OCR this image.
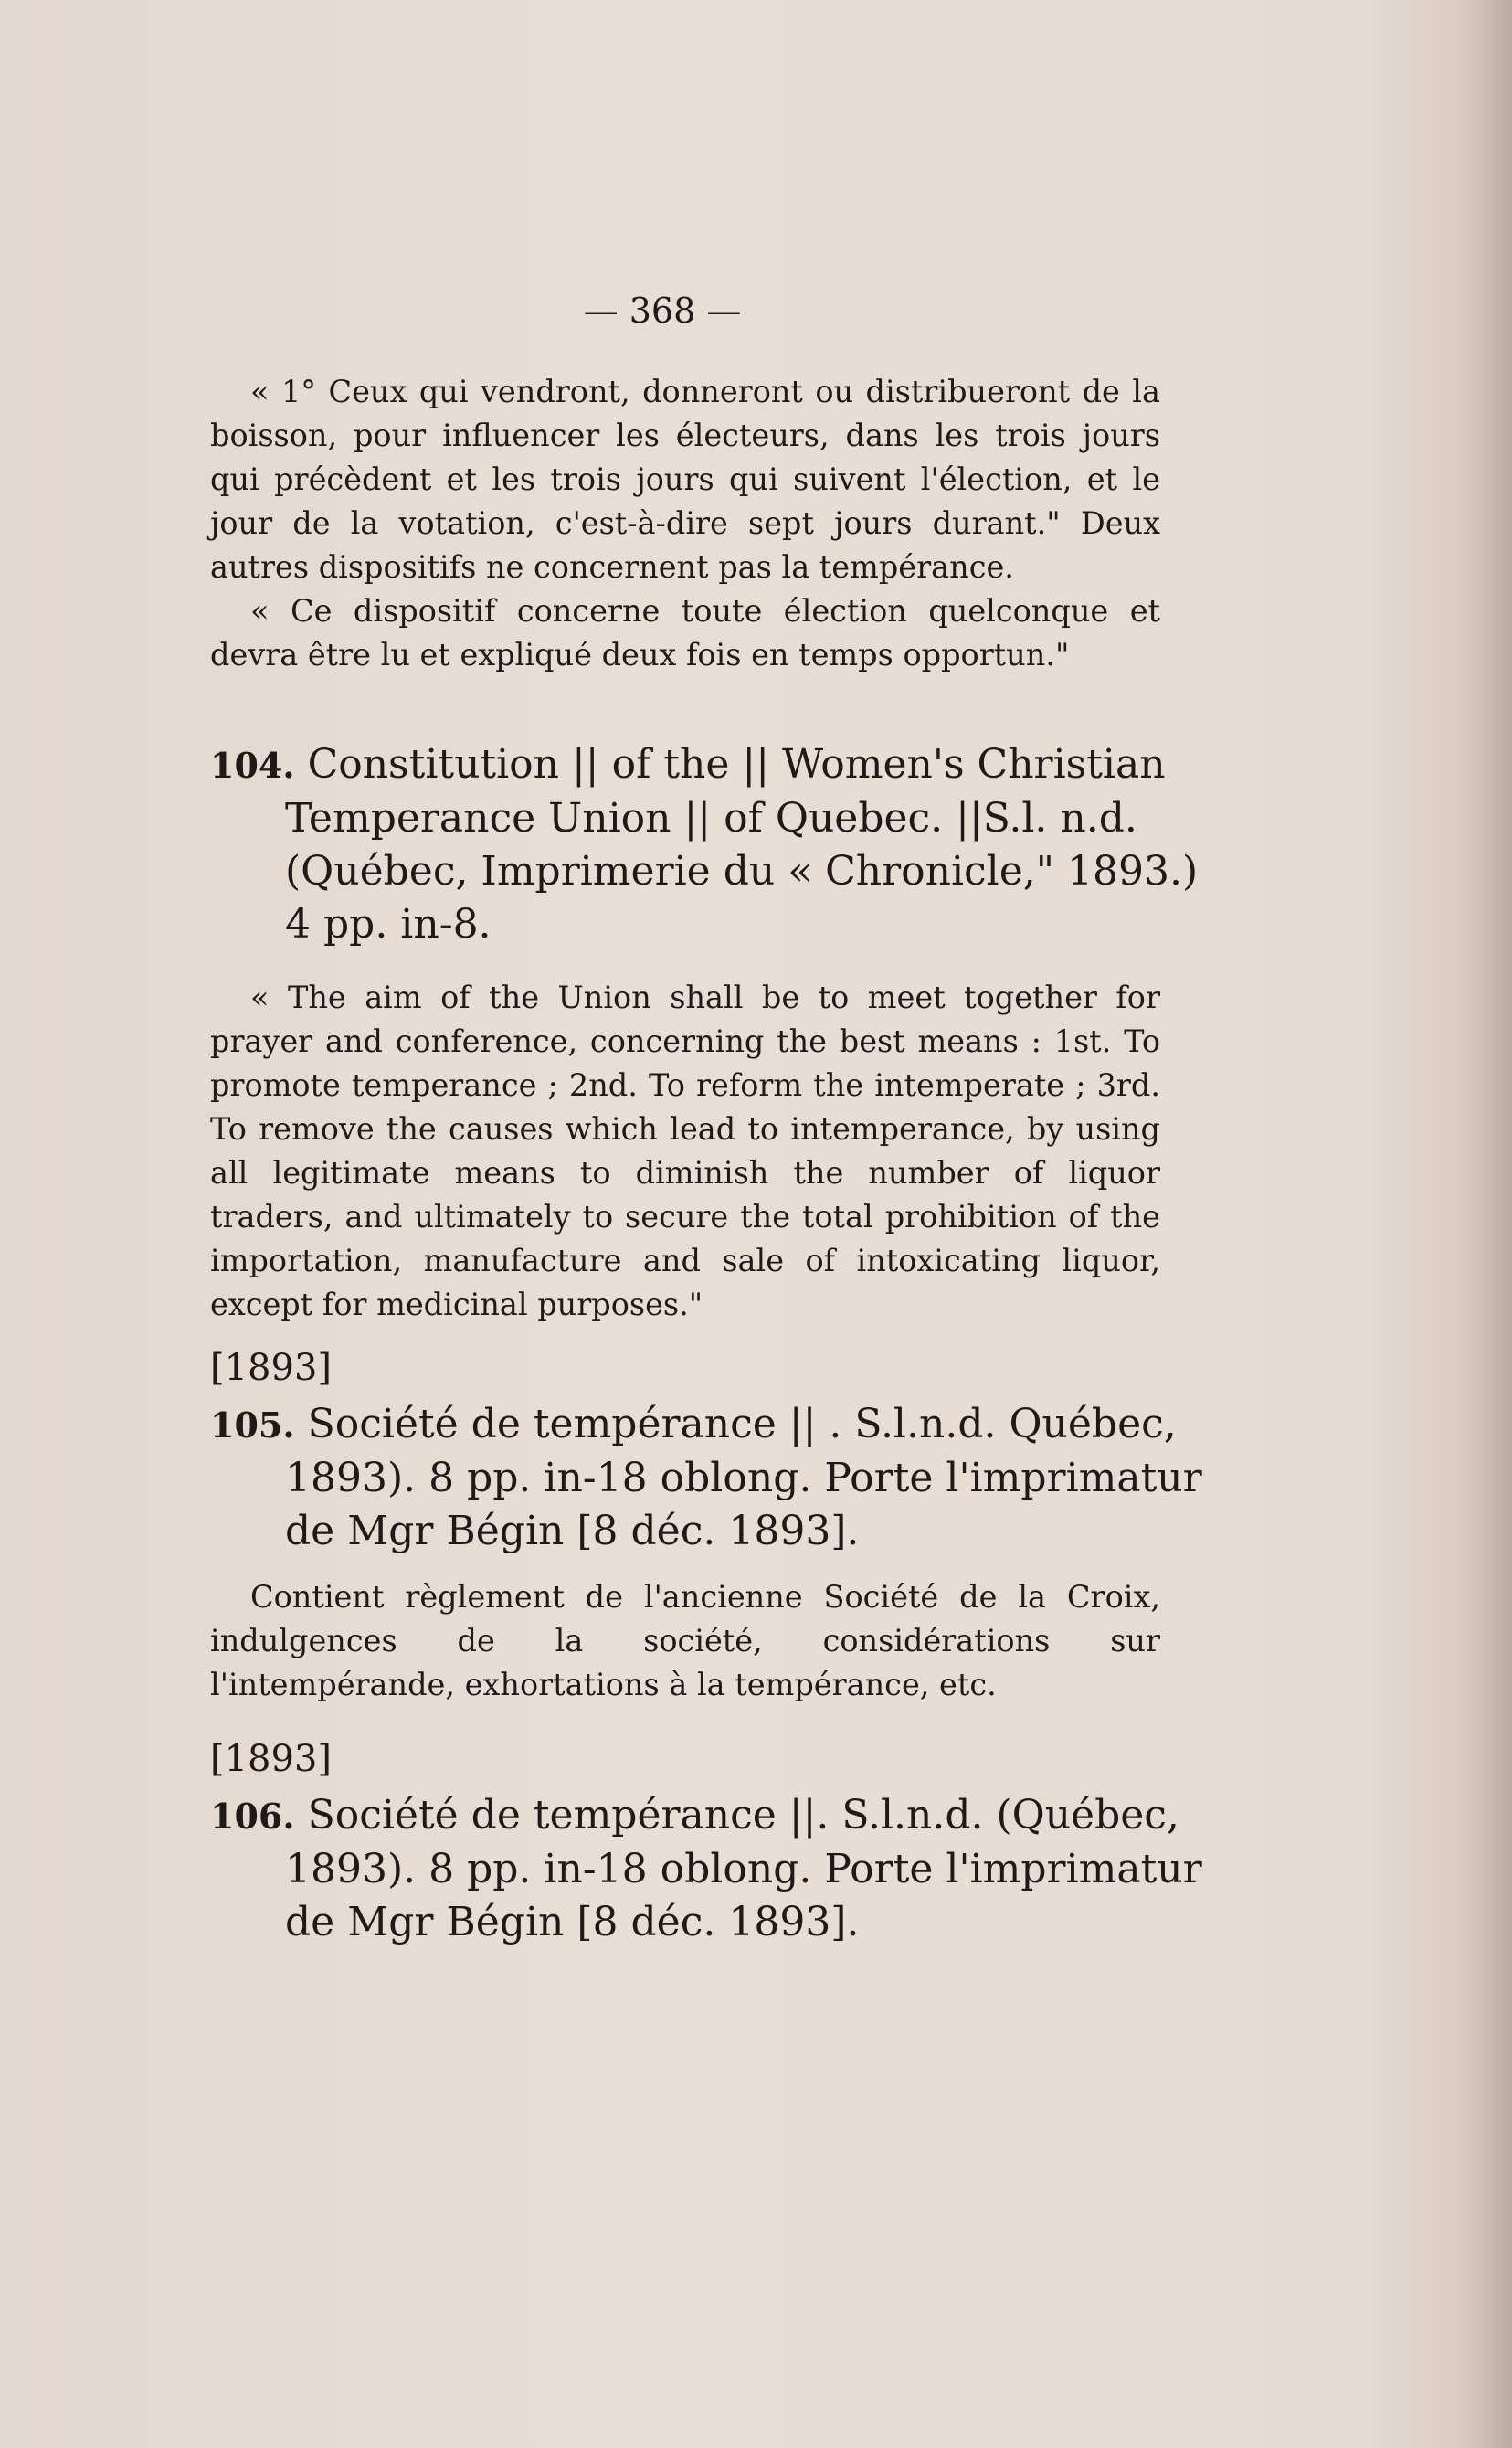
— 368 —

« 1° Ceux qui vendront, donneront ou distribueront de la boisson, pour influencer les électeurs, dans les trois jours qui précèdent et les trois jours qui suivent l'élection, et le jour de la votation, c'est-à-dire sept jours durant." Deux autres dispositifs ne concernent pas la tempérance.

« Ce dispositif concerne toute élection quelconque et devra être lu et expliqué deux fois en temps opportun."

104. Constitution || of the || Women's Christian Temperance Union || of Quebec. ||S.l. n.d. (Québec, Imprimerie du « Chronicle," 1893.) 4 pp. in-8.

« The aim of the Union shall be to meet together for prayer and conference, concerning the best means : 1st. To promote temperance ; 2nd. To reform the intemperate ; 3rd. To remove the causes which lead to intemperance, by using all legitimate means to diminish the number of liquor traders, and ultimately to secure the total prohibition of the importation, manufacture and sale of intoxicating liquor, except for medicinal purposes."

[1893]
105. Société de tempérance || . S.l.n.d. Québec, 1893). 8 pp. in-18 oblong. Porte l'imprimatur de Mgr Bégin [8 déc. 1893].

Contient règlement de l'ancienne Société de la Croix, indulgences de la société, considérations sur l'intempérande, exhortations à la tempérance, etc.

[1893]
106. Société de tempérance ||. S.l.n.d. (Québec, 1893). 8 pp. in-18 oblong. Porte l'imprimatur de Mgr Bégin [8 déc. 1893].
